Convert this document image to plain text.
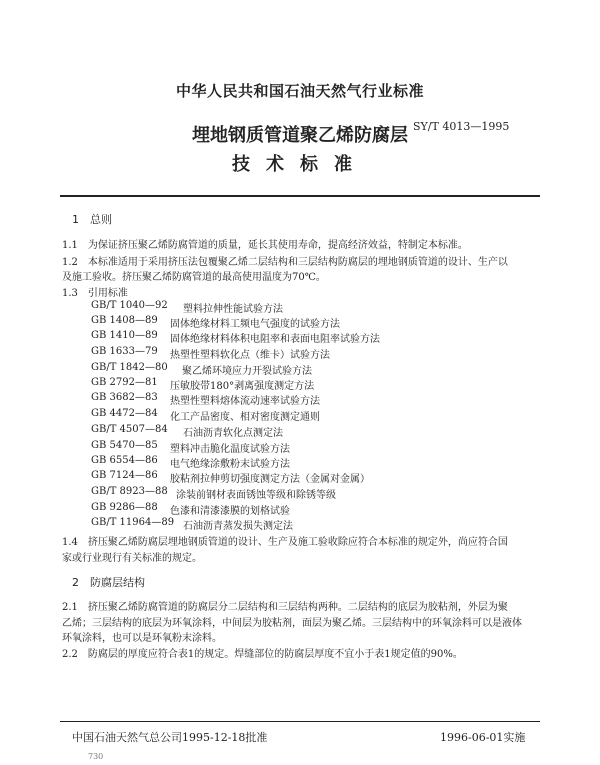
中华人民共和国石油天然气行业标准
SY/T 4013—1995
埋地钢质管道聚乙烯防腐层
技术标准
1　总则
1.1　为保证挤压聚乙烯防腐管道的质量，延长其使用寿命，提高经济效益，特制定本标准。
1.2　本标准适用于采用挤压法包覆聚乙烯二层结构和三层结构防腐层的埋地钢质管道的设计、生产以
及施工验收。挤压聚乙烯防腐管道的最高使用温度为70℃。
1.3　引用标准
GB/T 1040—92 塑料拉伸性能试验方法
GB 1408—89 固体绝缘材料工频电气强度的试验方法
GB 1410—89 固体绝缘材料体积电阻率和表面电阻率试验方法
GB 1633—79 热塑性塑料软化点（维卡）试验方法
GB/T 1842—80 聚乙烯环境应力开裂试验方法
GB 2792—81 压敏胶带180°剥离强度测定方法
GB 3682—83 热塑性塑料熔体流动速率试验方法
GB 4472—84 化工产品密度、相对密度测定通则
GB/T 4507—84 石油沥青软化点测定法
GB 5470—85 塑料冲击脆化温度试验方法
GB 6554—86 电气绝缘涂敷粉末试验方法
GB 7124—86 胶粘剂拉伸剪切强度测定方法（金属对金属）
GB/T 8923—88 涂装前钢材表面锈蚀等级和除锈等级
GB 9286—88 色漆和清漆漆膜的划格试验
GB/T 11964—89 石油沥青蒸发损失测定法
1.4　挤压聚乙烯防腐层埋地钢质管道的设计、生产及施工验收除应符合本标准的规定外，尚应符合国
家或行业现行有关标准的规定。
2　防腐层结构
2.1　挤压聚乙烯防腐管道的防腐层分二层结构和三层结构两种。二层结构的底层为胶粘剂，外层为聚
乙烯；三层结构的底层为环氧涂料，中间层为胶粘剂，面层为聚乙烯。三层结构中的环氧涂料可以是液体
环氧涂料，也可以是环氧粉末涂料。
2.2　防腐层的厚度应符合表1的规定。焊缝部位的防腐层厚度不宜小于表1规定值的90%。
中国石油天然气总公司1995-12-18批准	1996-06-01实施
730
